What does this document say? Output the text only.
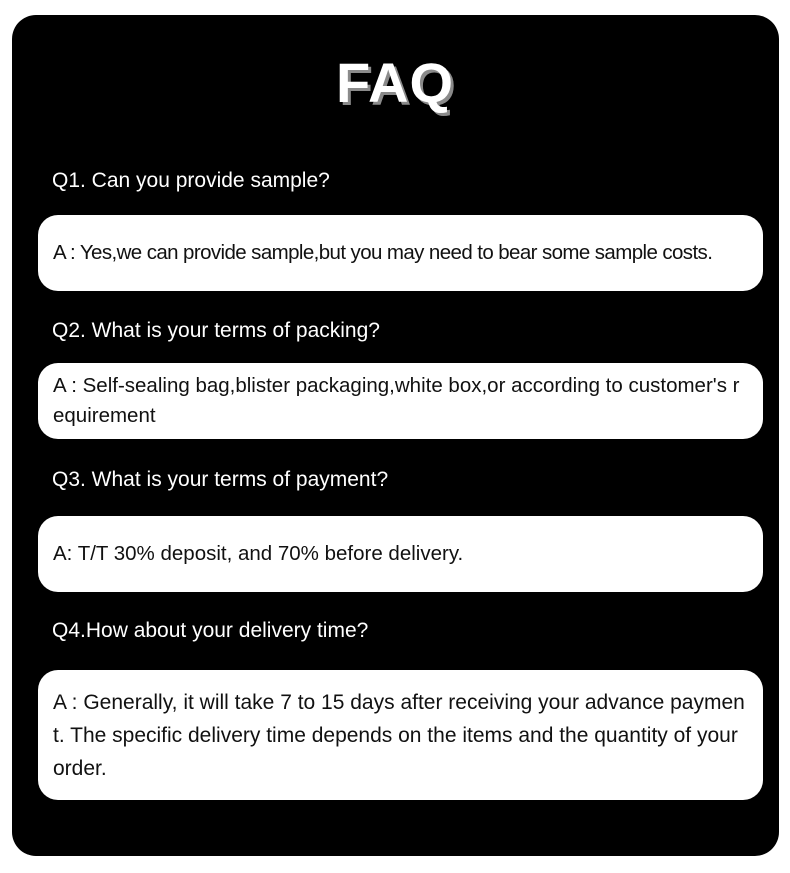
FAQ
Q1. Can you provide sample?
A : Yes,we can provide sample,but you may need to bear some sample costs.
Q2. What is your terms of packing?
A : Self-sealing bag,blister packaging,white box,or according to customer's requirement
Q3. What is your terms of payment?
A: T/T 30% deposit, and 70% before delivery.
Q4.How about your delivery time?
A : Generally, it will take 7 to 15 days after receiving your advance payment. The specific delivery time depends on the items and the quantity of your order.
